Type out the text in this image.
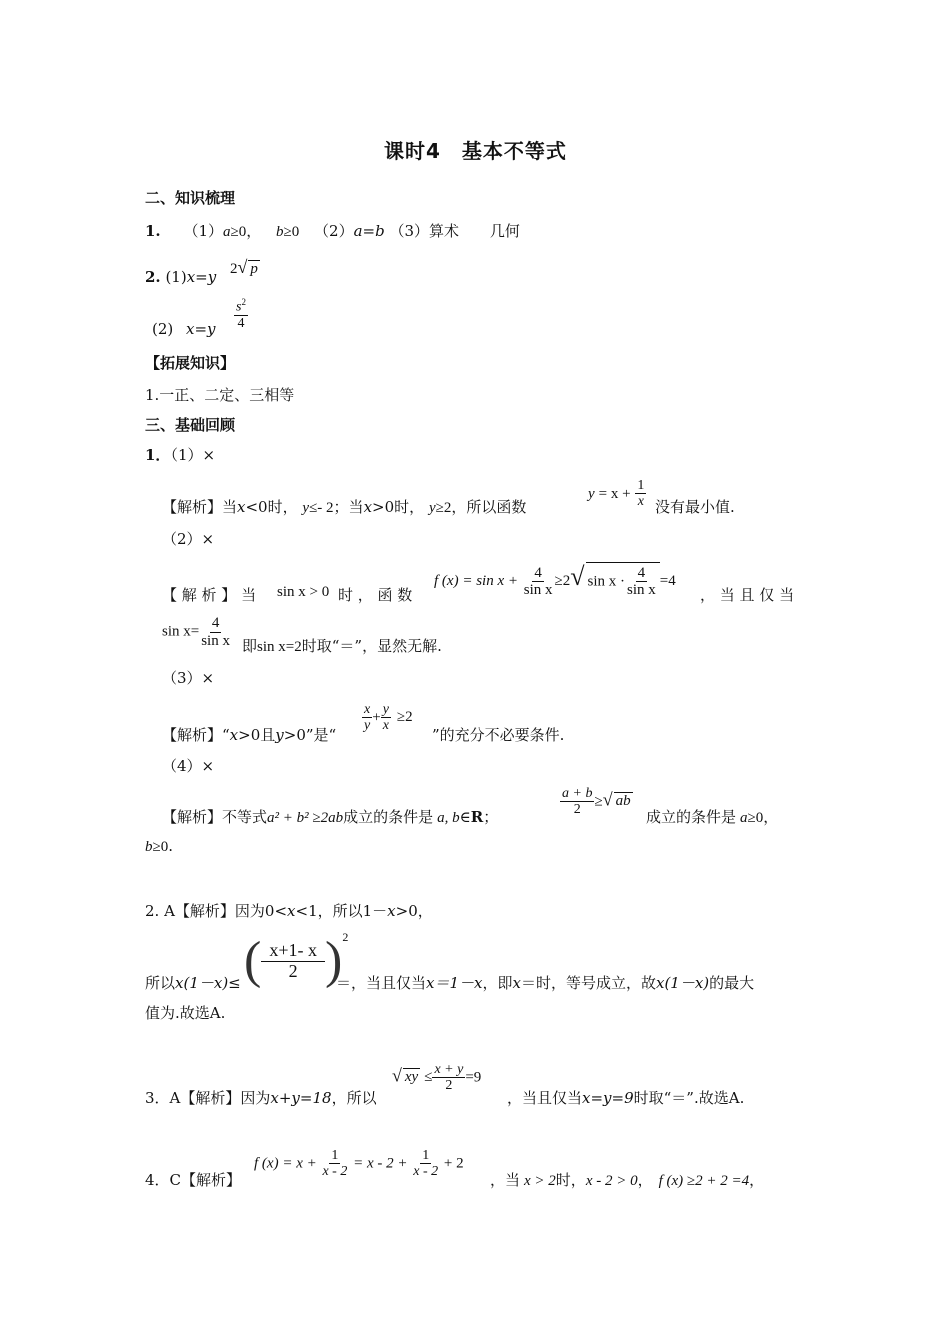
课时4　基本不等式
二、知识梳理
1. （1）a≥0， b≥0 （2）a=b （3）算术 几何
2. (1)x=y 2√ p
(2) $x=y \frac{s^2}{4}$
【拓展知识】
1.一正、二定、三相等
三、基础回顾
1．（1）×
【解析】当x<0时， y≤- 2；当x>0时， y≥2，所以函数
$y = x + \frac{1}{x}$ 没有最小值.
（2）×
【 解 析 】 当 sin x > 0 时 ， 函 数
f $(x) = \sin x + \frac{4}{\text{sin x}} \ge 2√$ $\sin x \cdot \frac{4}{\text{sin x}} =4$
， 当 且 仅 当
$\sin x= \frac{4}{\text{sin x}}$ 即sin x=2时取“＝”，显然无解.
（3）×
【解析】“x>0且y>0”是“
$\frac{x}{y} + \frac{y}{x} \ge 2$
”的充分不必要条件.
（4）×
【解析】不等式a² + b² ≥2ab成立的条件是 a, b∈R；	$\frac{a + b}{2}$ ≥√ ab
成立的条件是 a≥0，
b≥0.
2. A【解析】因为0<x<1，所以1－x>0，
所以x(1－x)≤ ( $\frac{x+1- x}{2} )^2$
＝，当且仅当x＝1－x，即x＝时，等号成立，故x(1－x)的最大
值为.故选A.
3．A【解析】因为x+y=18，所以
√ xy ≤ $\frac{x + y}{2} =9$
，当且仅当x=y=9时取“＝”.故选A.
4．C【解析】
f $(x) = x + \frac{1}{x - 2} = x - 2 + \frac{1}{x - 2} + 2$
，当 x > 2时，x - 2 > 0， f (x) ≥2 + 2 =4，
